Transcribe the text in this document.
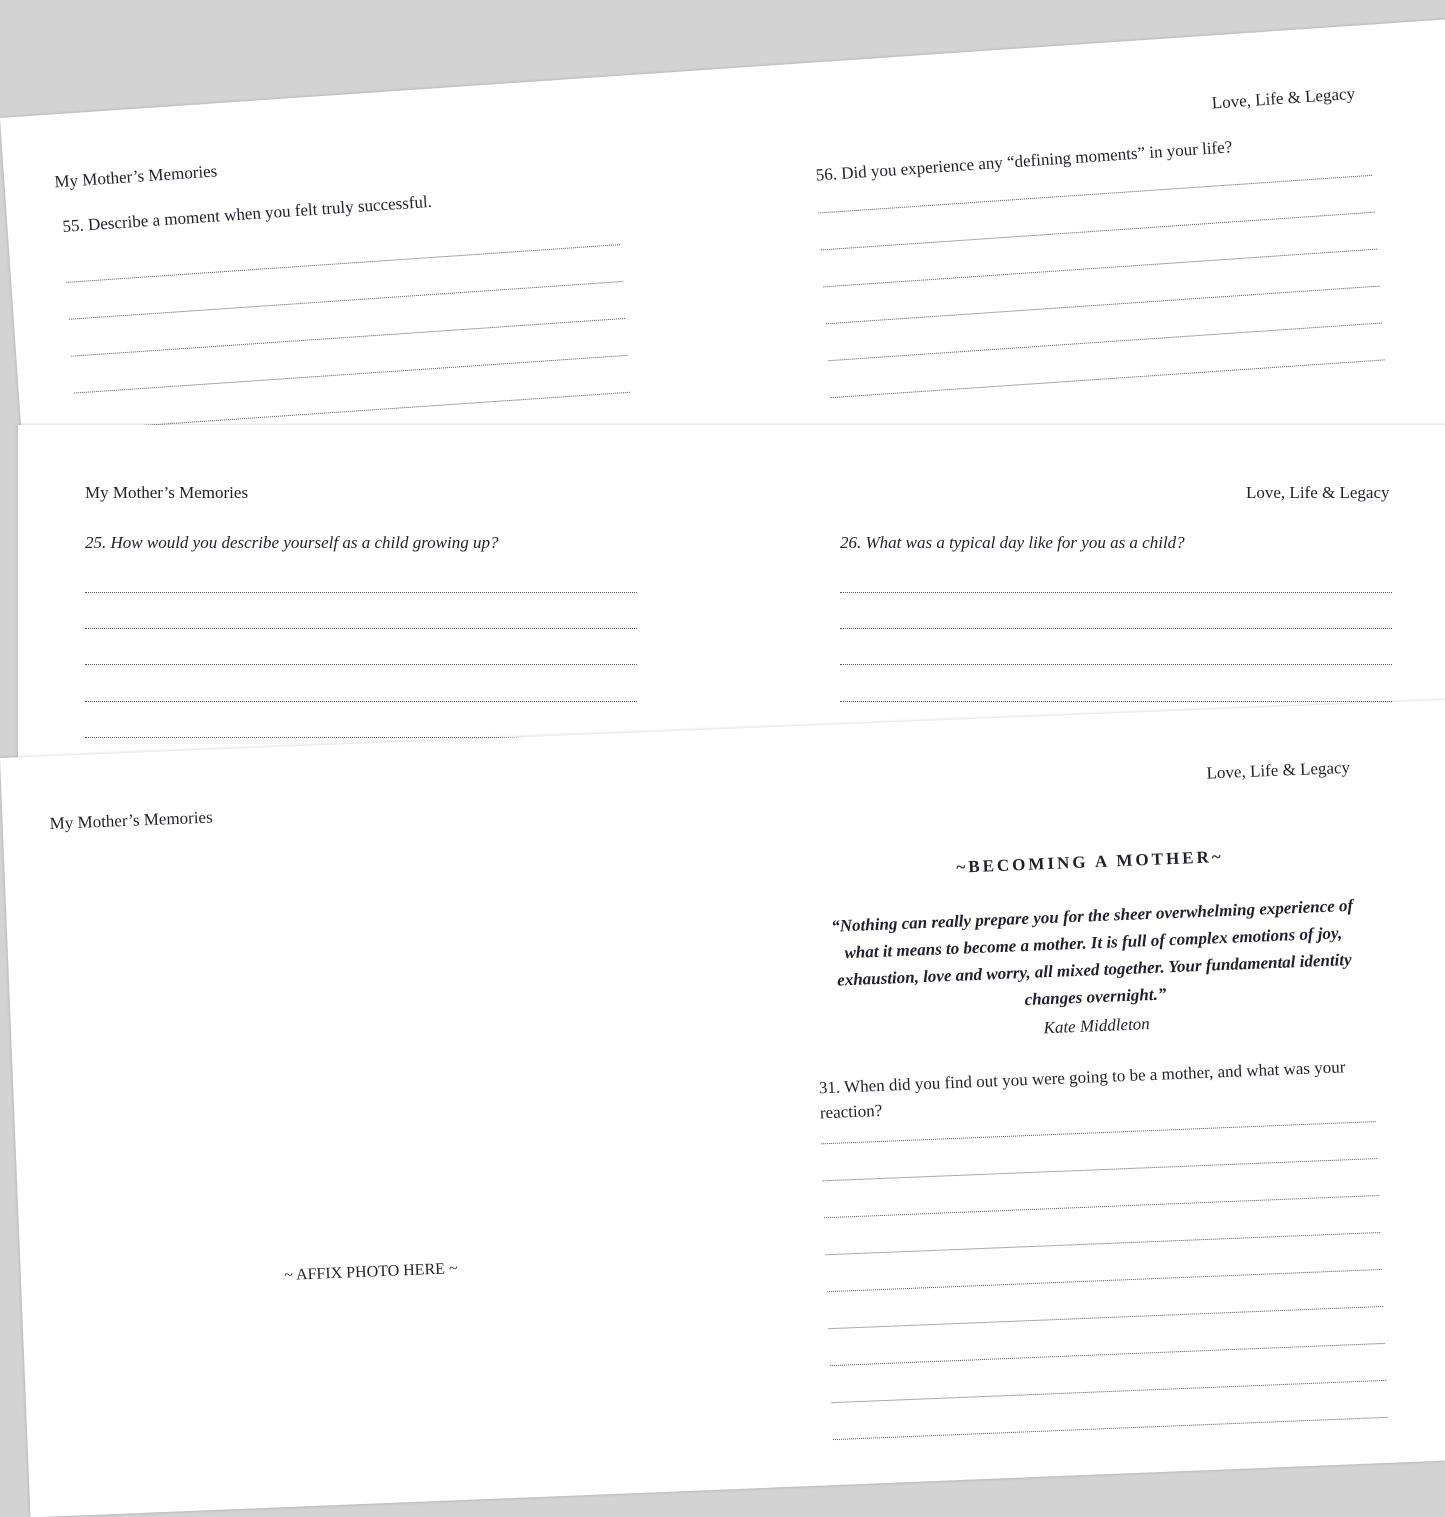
My Mother’s Memories
Love, Life & Legacy
55. Describe a moment when you felt truly successful.
56. Did you experience any “defining moments” in your life?
My Mother’s Memories	Love, Life & Legacy
25. How would you describe yourself as a child growing up?	26. What was a typical day like for you as a child?
My Mother’s Memories
Love, Life & Legacy
~ AFFIX PHOTO HERE ~
~BECOMING A MOTHER~
“Nothing can really prepare you for the sheer overwhelming experience of what it means to become a mother. It is full of complex emotions of joy, exhaustion, love and worry, all mixed together. Your fundamental identity changes overnight.”
Kate Middleton
31. When did you find out you were going to be a mother, and what was your reaction?
